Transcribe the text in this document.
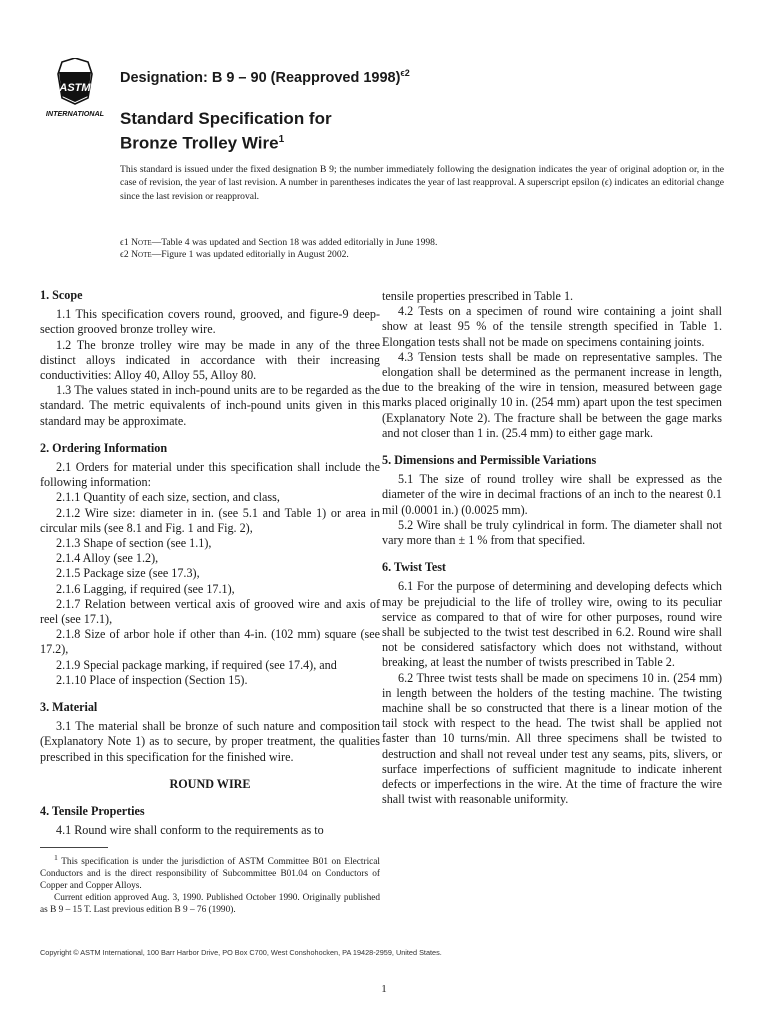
ASTM
INTERNATIONAL
Designation: B 9 – 90 (Reapproved 1998)$^{\epsilon 2}$
Standard Specification for
Bronze Trolley Wire$^1$
This standard is issued under the fixed designation B 9; the number immediately following the designation indicates the year of original adoption or, in the case of revision, the year of last revision. A number in parentheses indicates the year of last reapproval. A superscript epsilon (ϵ) indicates an editorial change since the last revision or reapproval.
ϵ1 Note—Table 4 was updated and Section 18 was added editorially in June 1998.
ϵ2 Note—Figure 1 was updated editorially in August 2002.
1. Scope

1.1 This specification covers round, grooved, and figure-9 deep-section grooved bronze trolley wire.

1.2 The bronze trolley wire may be made in any of the three distinct alloys indicated in accordance with their increasing conductivities: Alloy 40, Alloy 55, Alloy 80.

1.3 The values stated in inch-pound units are to be regarded as the standard. The metric equivalents of inch-pound units given in this standard may be approximate.

2. Ordering Information

2.1 Orders for material under this specification shall include the following information:

2.1.1 Quantity of each size, section, and class,

2.1.2 Wire size: diameter in in. (see 5.1 and Table 1) or area in circular mils (see 8.1 and Fig. 1 and Fig. 2),

2.1.3 Shape of section (see 1.1),

2.1.4 Alloy (see 1.2),

2.1.5 Package size (see 17.3),

2.1.6 Lagging, if required (see 17.1),

2.1.7 Relation between vertical axis of grooved wire and axis of reel (see 17.1),

2.1.8 Size of arbor hole if other than 4-in. (102 mm) square (see 17.2),

2.1.9 Special package marking, if required (see 17.4), and

2.1.10 Place of inspection (Section 15).

3. Material

3.1 The material shall be bronze of such nature and composition (Explanatory Note 1) as to secure, by proper treatment, the qualities prescribed in this specification for the finished wire.

ROUND WIRE
4. Tensile Properties

4.1 Round wire shall conform to the requirements as to

tensile properties prescribed in Table 1.

4.2 Tests on a specimen of round wire containing a joint shall show at least 95 % of the tensile strength specified in Table 1. Elongation tests shall not be made on specimens containing joints.

4.3 Tension tests shall be made on representative samples. The elongation shall be determined as the permanent increase in length, due to the breaking of the wire in tension, measured between gage marks placed originally 10 in. (254 mm) apart upon the test specimen (Explanatory Note 2). The fracture shall be between the gage marks and not closer than 1 in. (25.4 mm) to either gage mark.

5. Dimensions and Permissible Variations

5.1 The size of round trolley wire shall be expressed as the diameter of the wire in decimal fractions of an inch to the nearest 0.1 mil (0.0001 in.) (0.0025 mm).

5.2 Wire shall be truly cylindrical in form. The diameter shall not vary more than ± 1 % from that specified.

6. Twist Test

6.1 For the purpose of determining and developing defects which may be prejudicial to the life of trolley wire, owing to its peculiar service as compared to that of wire for other purposes, round wire shall be subjected to the twist test described in 6.2. Round wire shall not be considered satisfactory which does not withstand, without breaking, at least the number of twists prescribed in Table 2.

6.2 Three twist tests shall be made on specimens 10 in. (254 mm) in length between the holders of the testing machine. The twisting machine shall be so constructed that there is a linear motion of the tail stock with respect to the head. The twist shall be applied not faster than 10 turns/min. All three specimens shall be twisted to destruction and shall not reveal under test any seams, pits, slivers, or surface imperfections of sufficient magnitude to indicate inherent defects or imperfections in the wire. At the time of fracture the wire shall twist with reasonable uniformity.

$^1$ This specification is under the jurisdiction of ASTM Committee B01 on Electrical Conductors and is the direct responsibility of Subcommittee B01.04 on Conductors of Copper and Copper Alloys.

Current edition approved Aug. 3, 1990. Published October 1990. Originally published as B 9 – 15 T. Last previous edition B 9 – 76 (1990).

Copyright © ASTM International, 100 Barr Harbor Drive, PO Box C700, West Conshohocken, PA 19428-2959, United States.
1
